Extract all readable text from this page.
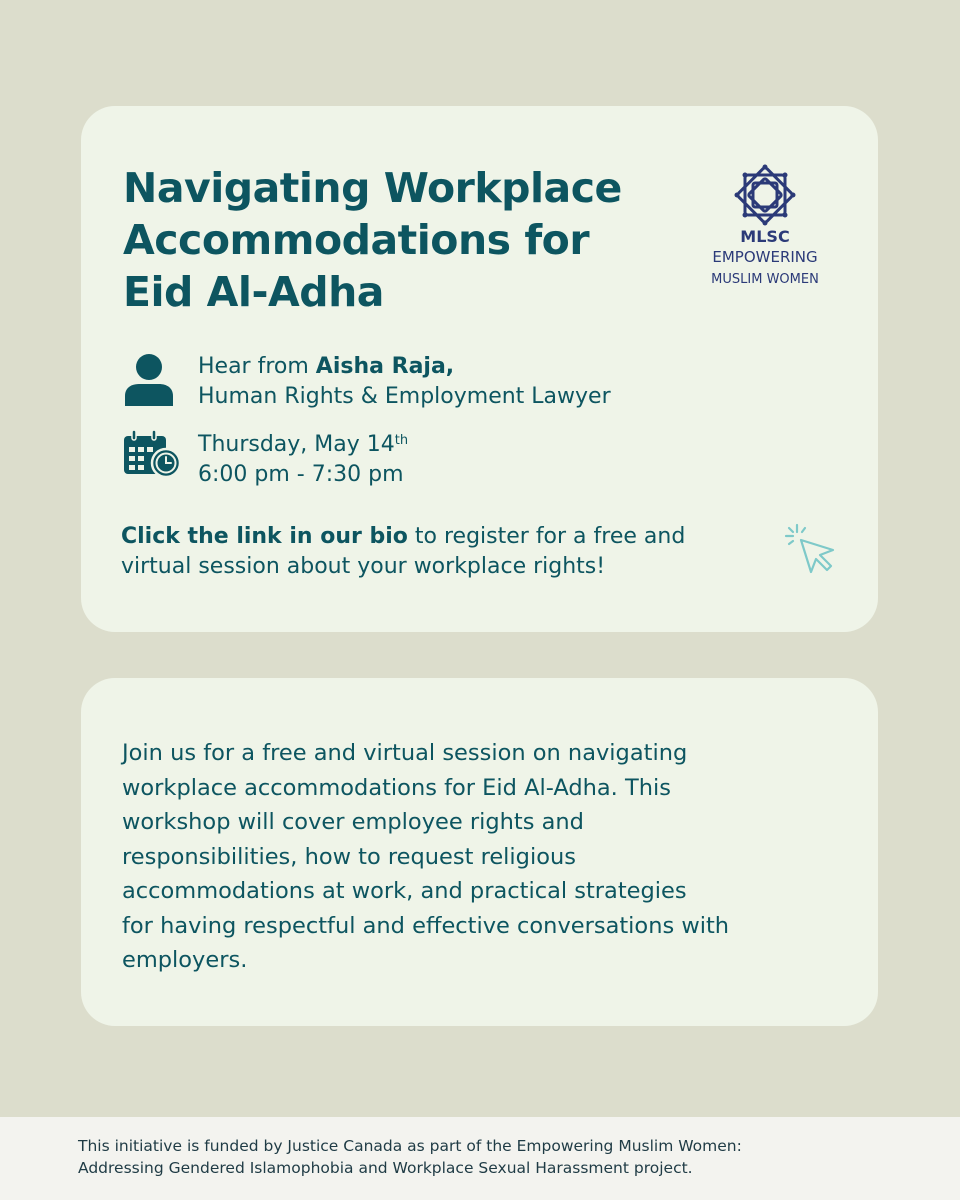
Navigating Workplace
Accommodations for
Eid Al-Adha
MLSC
EMPOWERING
MUSLIM WOMEN
Hear from Aisha Raja,
Human Rights & Employment Lawyer
Thursday, May 14th
6:00 pm - 7:30 pm
Click the link in our bio to register for a free and
virtual session about your workplace rights!

Join us for a free and virtual session on navigating
workplace accommodations for Eid Al-Adha. This
workshop will cover employee rights and
responsibilities, how to request religious
accommodations at work, and practical strategies
for having respectful and effective conversations with
employers.

This initiative is funded by Justice Canada as part of the Empowering Muslim Women:
Addressing Gendered Islamophobia and Workplace Sexual Harassment project.
